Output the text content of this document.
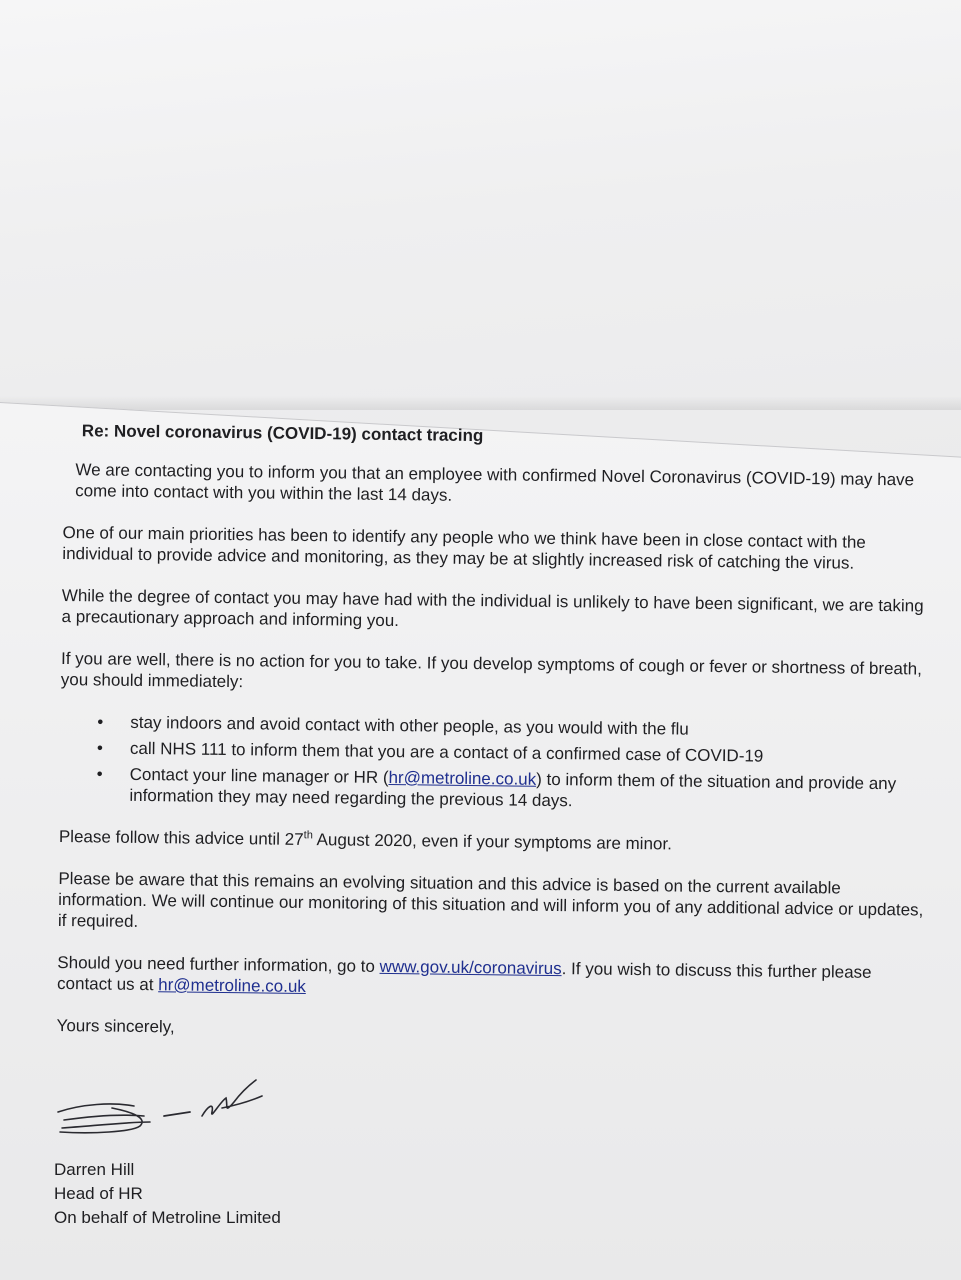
Re: Novel coronavirus (COVID-19) contact tracing

We are contacting you to inform you that an employee with confirmed Novel Coronavirus (COVID-19) may have come into contact with you within the last 14 days.

One of our main priorities has been to identify any people who we think have been in close contact with the individual to provide advice and monitoring, as they may be at slightly increased risk of catching the virus.

While the degree of contact you may have had with the individual is unlikely to have been significant, we are taking a precautionary approach and informing you.

If you are well, there is no action for you to take. If you develop symptoms of cough or fever or shortness of breath, you should immediately:

• stay indoors and avoid contact with other people, as you would with the flu
• call NHS 111 to inform them that you are a contact of a confirmed case of COVID-19
• Contact your line manager or HR (hr@metroline.co.uk) to inform them of the situation and provide any information they may need regarding the previous 14 days.

Please follow this advice until 27th August 2020, even if your symptoms are minor.

Please be aware that this remains an evolving situation and this advice is based on the current available information. We will continue our monitoring of this situation and will inform you of any additional advice or updates, if required.

Should you need further information, go to www.gov.uk/coronavirus. If you wish to discuss this further please contact us at hr@metroline.co.uk

Yours sincerely,

Darren Hill
Head of HR
On behalf of Metroline Limited
